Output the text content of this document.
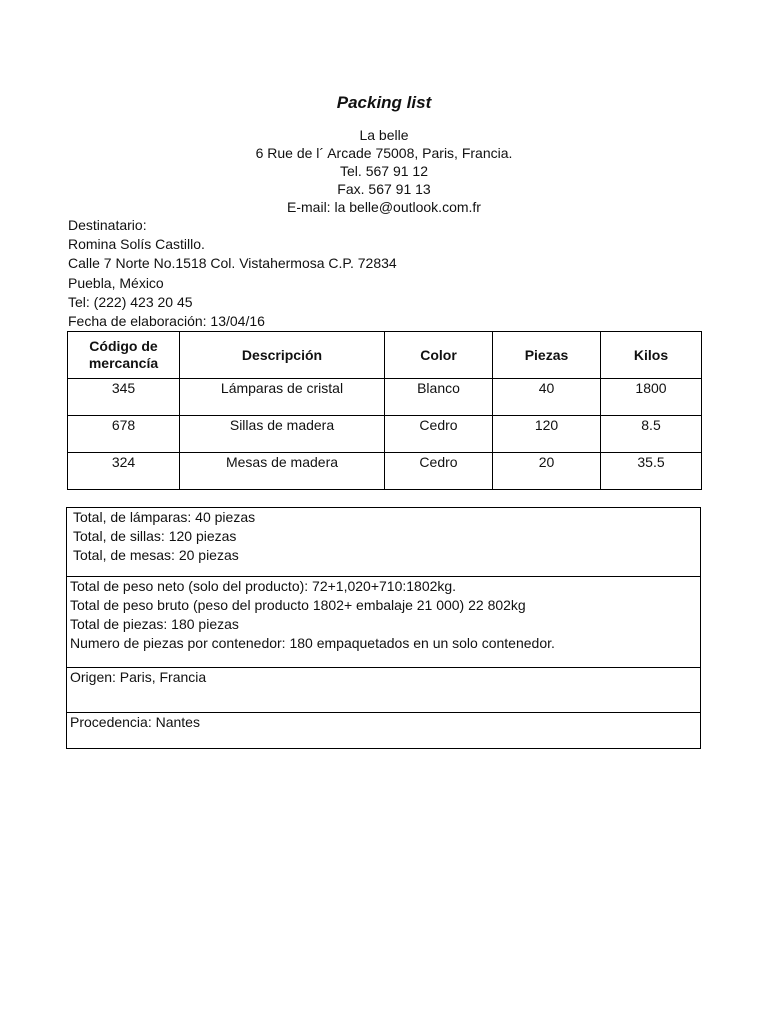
Packing list
La belle
6 Rue de l´ Arcade 75008, Paris, Francia.
Tel. 567 91 12
Fax. 567 91 13
E-mail: la belle@outlook.com.fr
Destinatario:
Romina Solís Castillo.
Calle 7 Norte No.1518 Col. Vistahermosa C.P. 72834
Puebla, México
Tel: (222) 423 20 45
Fecha de elaboración: 13/04/16
Código de mercancía	Descripción	Color	Piezas	Kilos
345	Lámparas de cristal	Blanco	40	1800
678	Sillas de madera	Cedro	120	8.5
324	Mesas de madera	Cedro	20	35.5
Total, de lámparas: 40 piezas
Total, de sillas: 120 piezas
Total, de mesas: 20 piezas
Total de peso neto (solo del producto): 72+1,020+710:1802kg.
Total de peso bruto (peso del producto 1802+ embalaje 21 000) 22 802kg
Total de piezas: 180 piezas
Numero de piezas por contenedor: 180 empaquetados en un solo contenedor.
Origen: Paris, Francia
Procedencia: Nantes
